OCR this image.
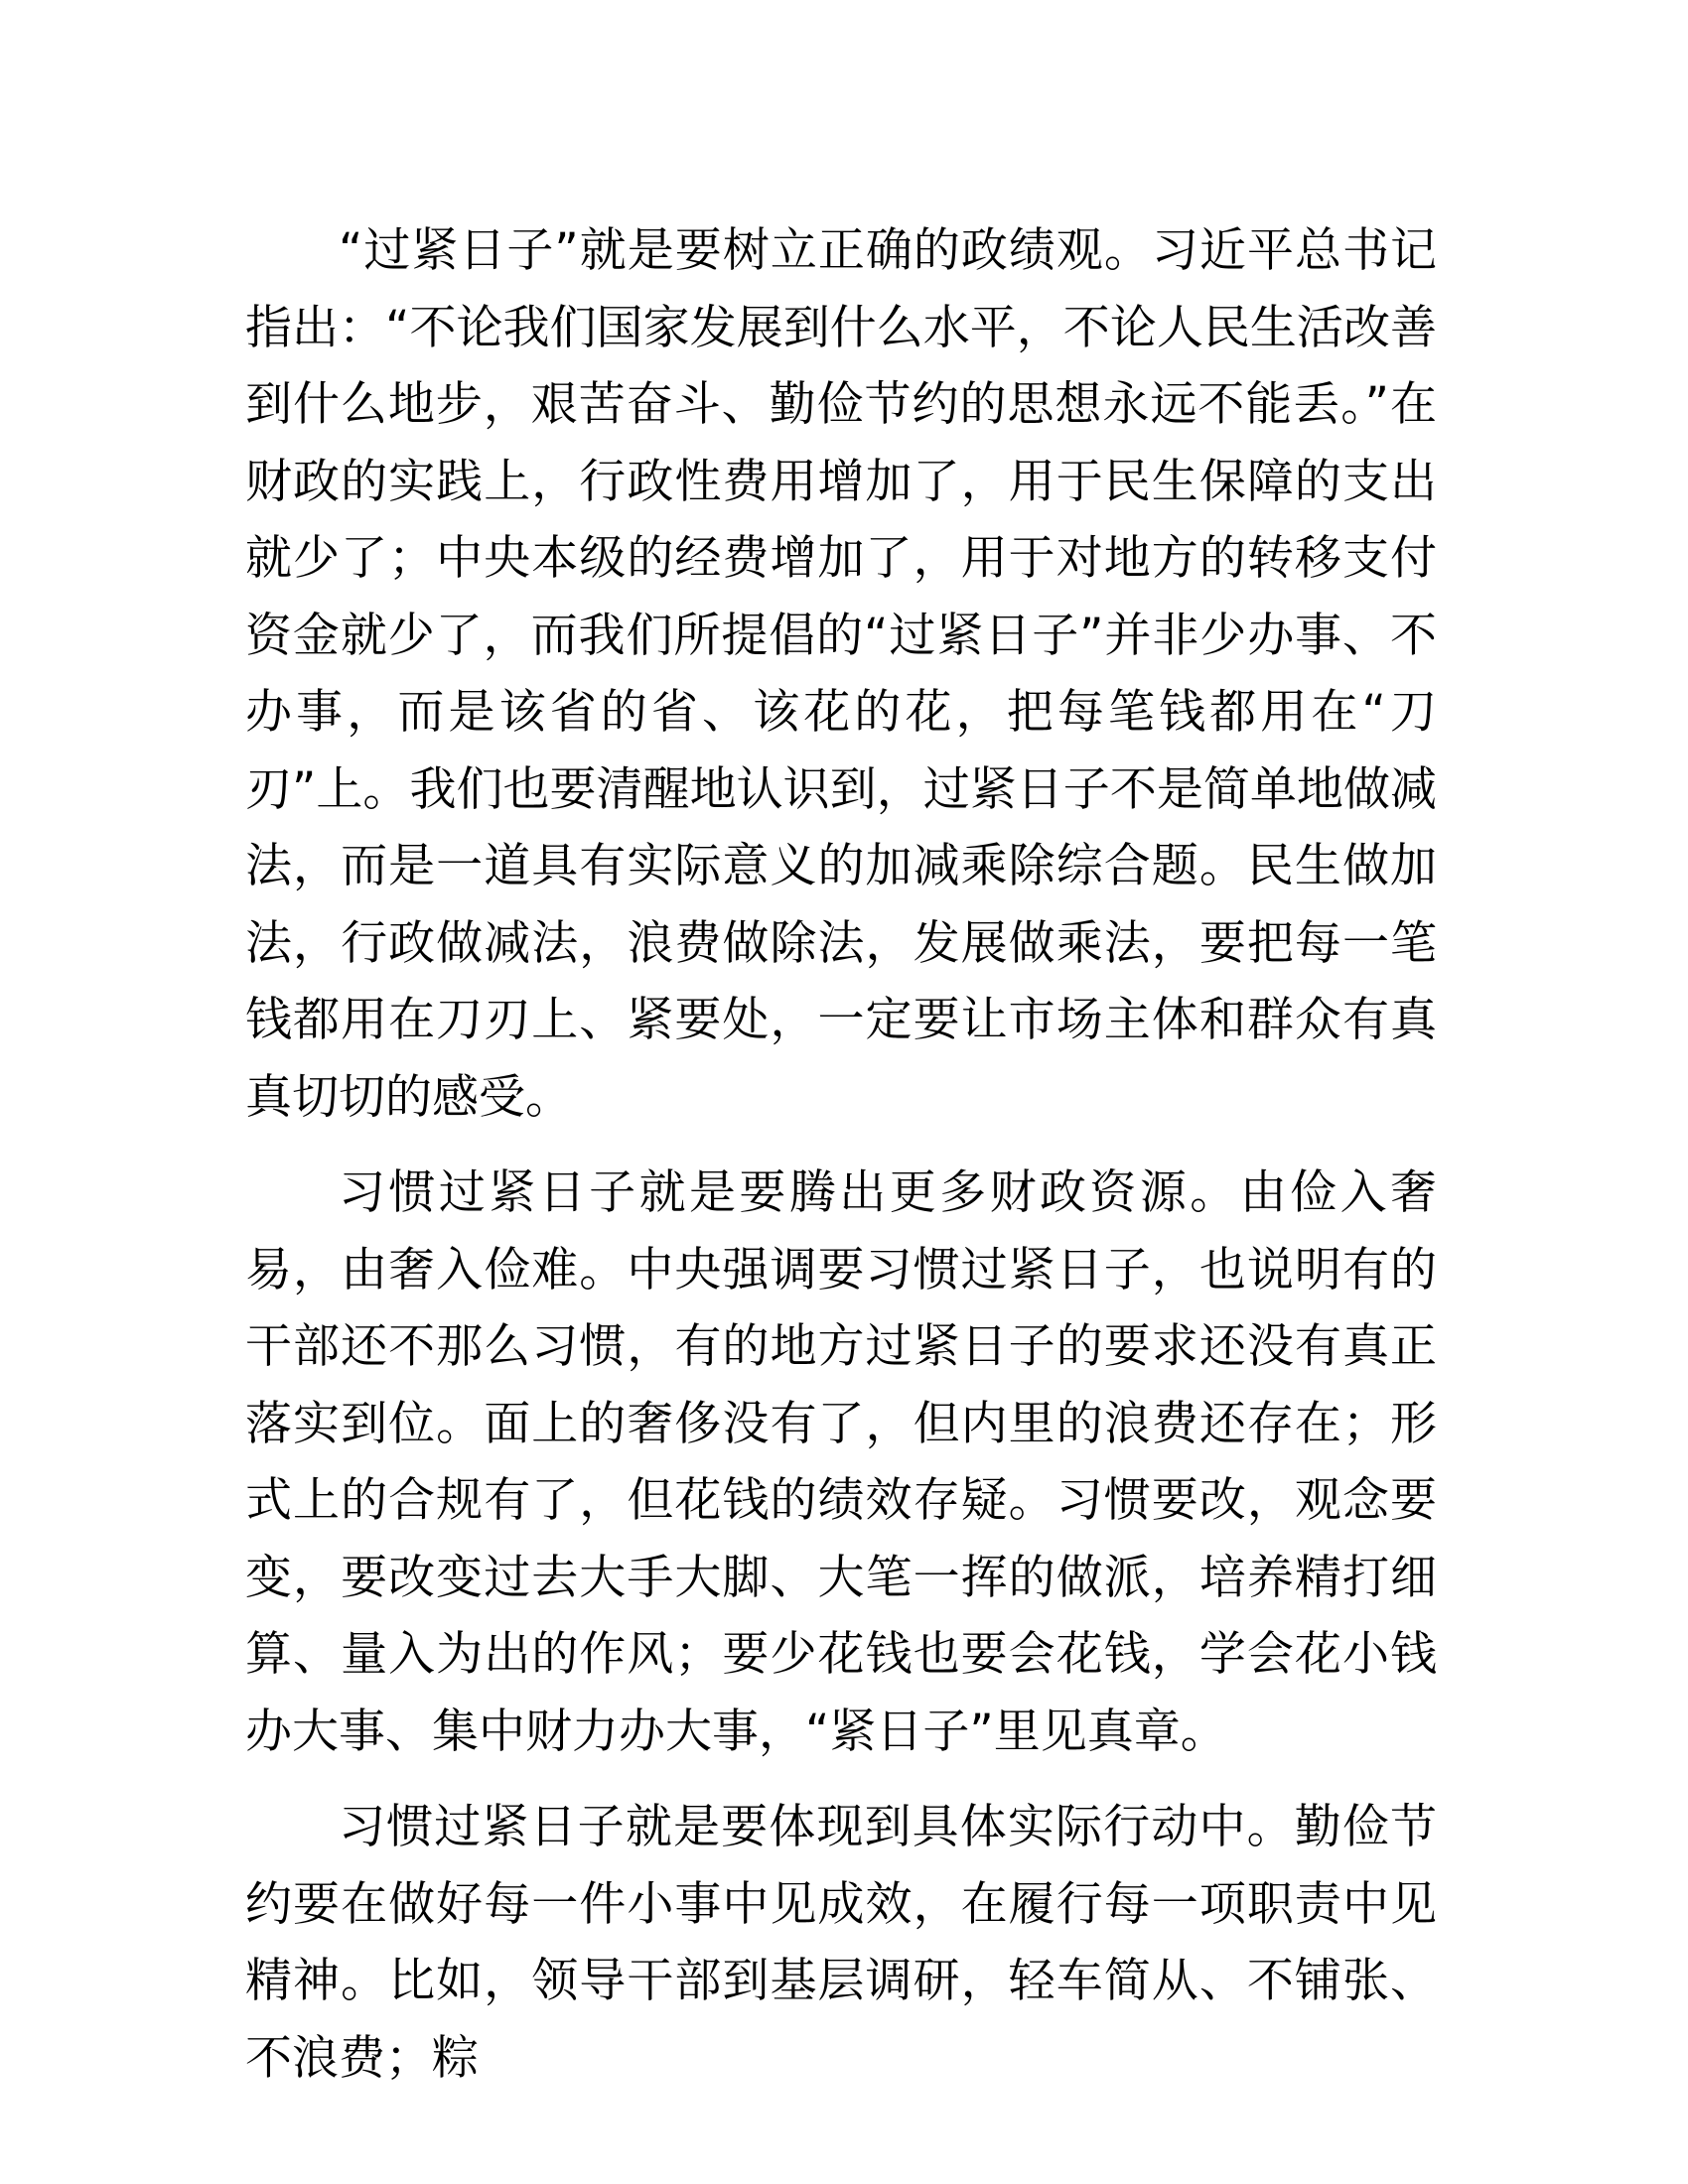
“过紧日子”就是要树立正确的政绩观。习近平总书记指出：“不论我们国家发展到什么水平，不论人民生活改善到什么地步，艰苦奋斗、勤俭节约的思想永远不能丢。”在财政的实践上，行政性费用增加了，用于民生保障的支出就少了；中央本级的经费增加了，用于对地方的转移支付资金就少了，而我们所提倡的“过紧日子”并非少办事、不办事，而是该省的省、该花的花，把每笔钱都用在“刀刃”上。我们也要清醒地认识到，过紧日子不是简单地做减法，而是一道具有实际意义的加减乘除综合题。民生做加法，行政做减法，浪费做除法，发展做乘法，要把每一笔钱都用在刀刃上、紧要处，一定要让市场主体和群众有真真切切的感受。

习惯过紧日子就是要腾出更多财政资源。由俭入奢易，由奢入俭难。中央强调要习惯过紧日子，也说明有的干部还不那么习惯，有的地方过紧日子的要求还没有真正落实到位。面上的奢侈没有了，但内里的浪费还存在；形式上的合规有了，但花钱的绩效存疑。习惯要改，观念要变，要改变过去大手大脚、大笔一挥的做派，培养精打细算、量入为出的作风；要少花钱也要会花钱，学会花小钱办大事、集中财力办大事，“紧日子”里见真章。

习惯过紧日子就是要体现到具体实际行动中。勤俭节约要在做好每一件小事中见成效，在履行每一项职责中见精神。比如，领导干部到基层调研，轻车简从、不铺张、不浪费；粽
